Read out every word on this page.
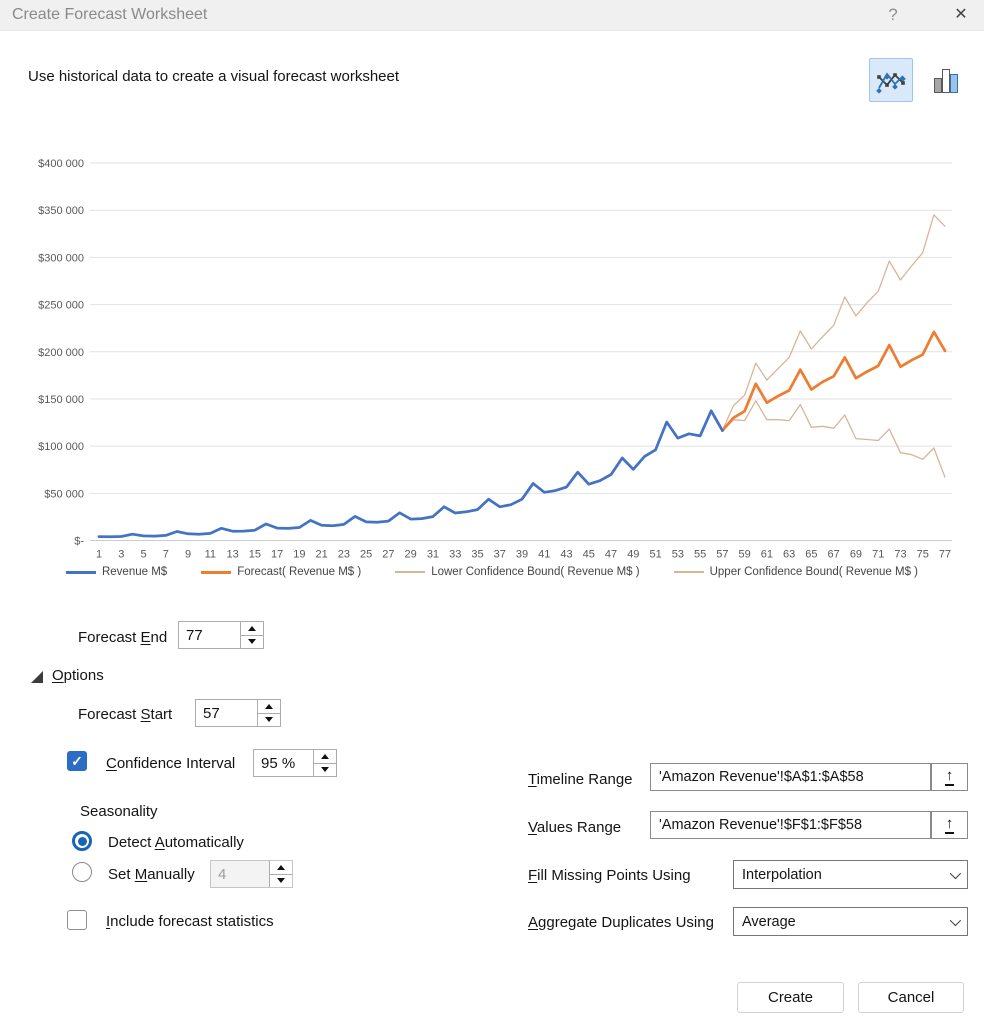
Create Forecast Worksheet	?	✕
Use historical data to create a visual forecast worksheet
$400 000
$350 000
$300 000
$250 000
$200 000
$150 000
$100 000
$50 000
$-
1 3 5 7 9 11 13 15 17 19 21 23 25 27 29 31 33 35 37 39 41 43 45 47 49 51 53 55 57 59 61 63 65 67 69 71 73 75 77
Revenue M$	Forecast( Revenue M$ )	Lower Confidence Bound( Revenue M$ )	Upper Confidence Bound( Revenue M$ )
Forecast End
77
Options
Forecast Start
57
✓ Confidence Interval
95 %
Seasonality
Detect Automatically
Set Manually
4
Include forecast statistics
Timeline Range
'Amazon Revenue'!$A$1:$A$58	↑
Values Range
'Amazon Revenue'!$F$1:$F$58	↑
Fill Missing Points Using	Interpolation
Aggregate Duplicates Using Average
Create	Cancel
